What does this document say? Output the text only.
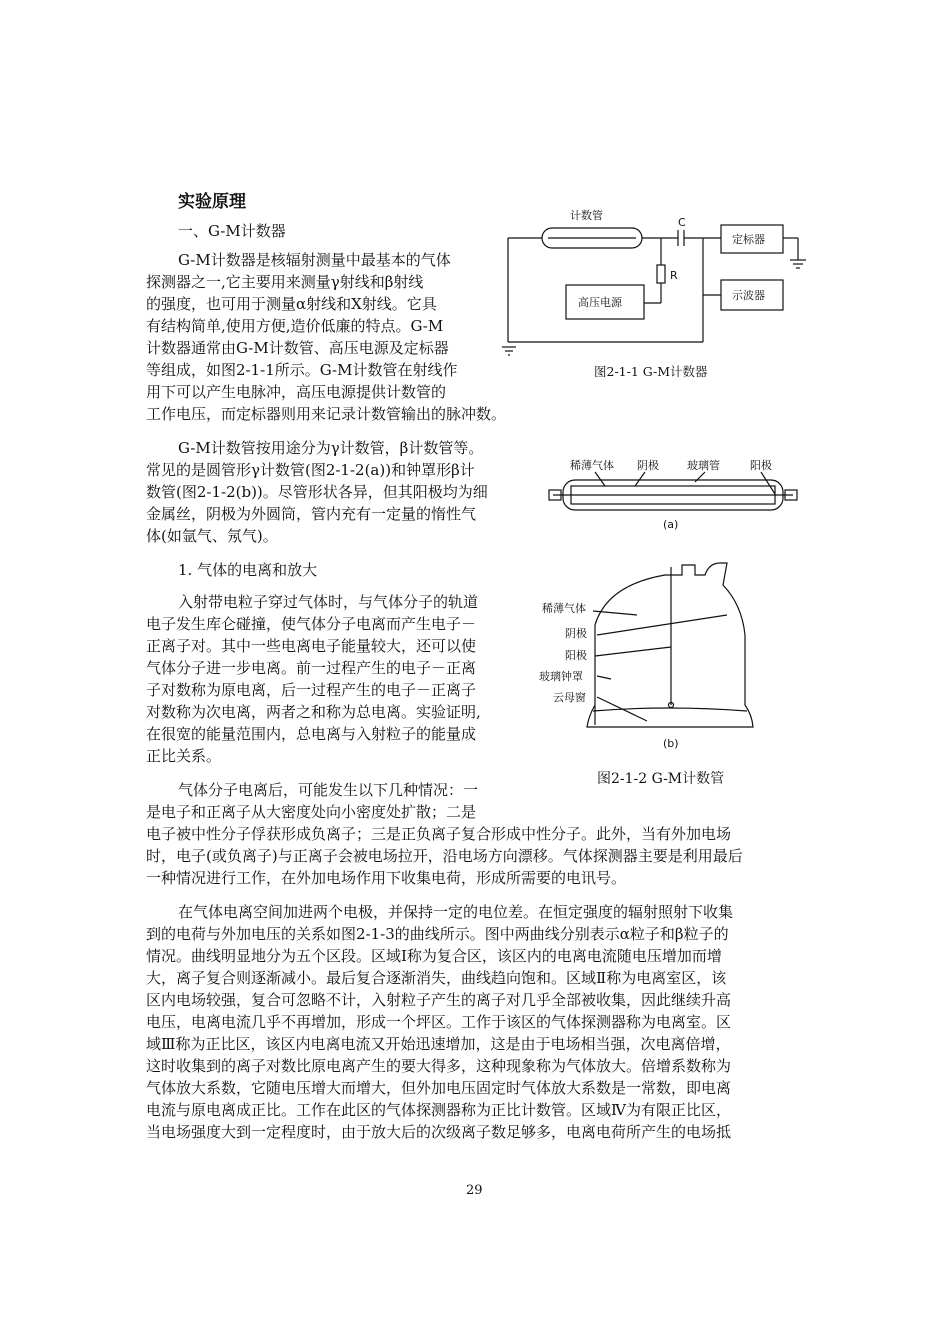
实验原理
一、G-M计数器
G-M计数器是核辐射测量中最基本的气体
探测器之一,它主要用来测量γ射线和β射线
的强度，也可用于测量α射线和X射线。它具
有结构简单,使用方便,造价低廉的特点。G-M
计数器通常由G-M计数管、高压电源及定标器
等组成，如图2-1-1所示。G-M计数管在射线作
用下可以产生电脉冲，高压电源提供计数管的
工作电压，而定标器则用来记录计数管输出的脉冲数。
G-M计数管按用途分为γ计数管，β计数管等。
常见的是圆管形γ计数管(图2-1-2(a))和钟罩形β计
数管(图2-1-2(b))。尽管形状各异，但其阳极均为细
金属丝，阴极为外圆筒，管内充有一定量的惰性气
体(如氩气、氖气)。
1. 气体的电离和放大
入射带电粒子穿过气体时，与气体分子的轨道
电子发生库仑碰撞，使气体分子电离而产生电子－
正离子对。其中一些电离电子能量较大，还可以使
气体分子进一步电离。前一过程产生的电子－正离
子对数称为原电离，后一过程产生的电子－正离子
对数称为次电离，两者之和称为总电离。实验证明,
在很宽的能量范围内，总电离与入射粒子的能量成
正比关系。
气体分子电离后，可能发生以下几种情况：一
是电子和正离子从大密度处向小密度处扩散；二是
电子被中性分子俘获形成负离子；三是正负离子复合形成中性分子。此外，当有外加电场
时，电子(或负离子)与正离子会被电场拉开，沿电场方向漂移。气体探测器主要是利用最后
一种情况进行工作，在外加电场作用下收集电荷，形成所需要的电讯号。
在气体电离空间加进两个电极，并保持一定的电位差。在恒定强度的辐射照射下收集
到的电荷与外加电压的关系如图2-1-3的曲线所示。图中两曲线分别表示α粒子和β粒子的
情况。曲线明显地分为五个区段。区域Ⅰ称为复合区，该区内的电离电流随电压增加而增
大，离子复合则逐渐减小。最后复合逐渐消失，曲线趋向饱和。区域Ⅱ称为电离室区，该
区内电场较强，复合可忽略不计，入射粒子产生的离子对几乎全部被收集，因此继续升高
电压，电离电流几乎不再增加，形成一个坪区。工作于该区的气体探测器称为电离室。区
域Ⅲ称为正比区，该区内电离电流又开始迅速增加，这是由于电场相当强，次电离倍增，
这时收集到的离子对数比原电离产生的要大得多，这种现象称为气体放大。倍增系数称为
气体放大系数，它随电压增大而增大，但外加电压固定时气体放大系数是一常数，即电离
电流与原电离成正比。工作在此区的气体探测器称为正比计数管。区域Ⅳ为有限正比区，
当电场强度大到一定程度时，由于放大后的次级离子数足够多，电离电荷所产生的电场抵
计数管
C
R
定标器
高压电源
示波器
图2-1-1 G-M计数器
稀薄气体 阴极	玻璃管	阳极
(a)
稀薄气体
阴极
阳极
玻璃钟罩
云母窗
(b)
图2-1-2 G-M计数管
29
